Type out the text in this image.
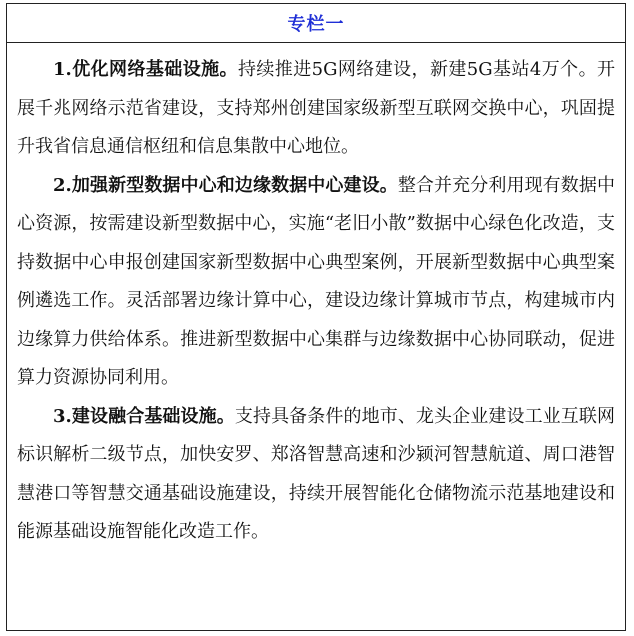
专栏一

1.优化网络基础设施。持续推进5G网络建设，新建5G基站4万个。开展千兆网络示范省建设，支持郑州创建国家级新型互联网交换中心，巩固提升我省信息通信枢纽和信息集散中心地位。

2.加强新型数据中心和边缘数据中心建设。整合并充分利用现有数据中心资源，按需建设新型数据中心，实施“老旧小散”数据中心绿色化改造，支持数据中心申报创建国家新型数据中心典型案例，开展新型数据中心典型案例遴选工作。灵活部署边缘计算中心，建设边缘计算城市节点，构建城市内边缘算力供给体系。推进新型数据中心集群与边缘数据中心协同联动，促进算力资源协同利用。

3.建设融合基础设施。支持具备条件的地市、龙头企业建设工业互联网标识解析二级节点，加快安罗、郑洛智慧高速和沙颍河智慧航道、周口港智慧港口等智慧交通基础设施建设，持续开展智能化仓储物流示范基地建设和能源基础设施智能化改造工作。
